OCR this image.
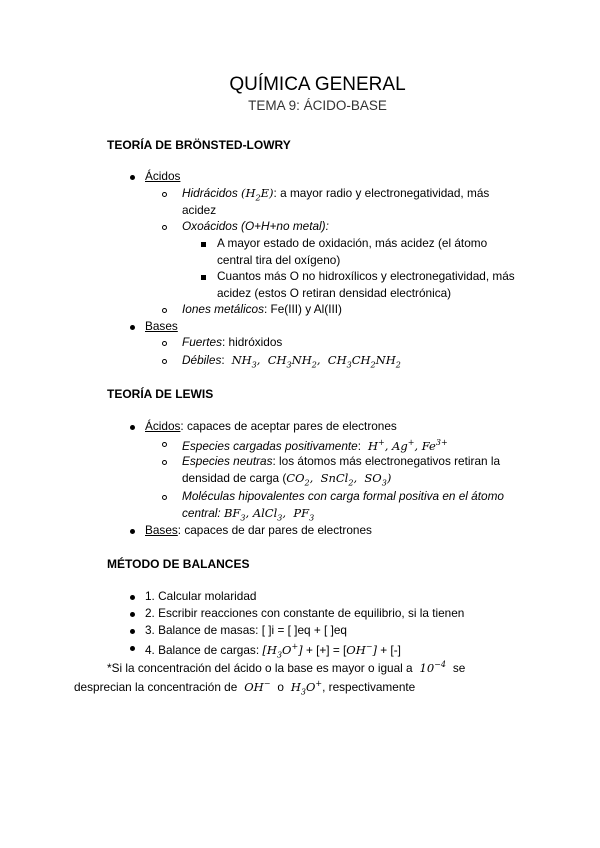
QUÍMICA GENERAL
TEMA 9: ÁCIDO-BASE
TEORÍA DE BRÖNSTED-LOWRY
Ácidos
Hidrácidos $(H_2E)$: a mayor radio y electronegatividad, más
acidez
Oxoácidos (O+H+no metal):
A mayor estado de oxidación, más acidez (el átomo
central tira del oxígeno)
Cuantos más O no hidroxílicos y electronegatividad, más
acidez (estos O retiran densidad electrónica)
Iones metálicos: Fe(III) y Al(III)
Bases
Fuertes: hidróxidos
Débiles: $NH_3$,  $CH_3NH_2$,  $CH_3CH_2NH_2$
TEORÍA DE LEWIS
Ácidos: capaces de aceptar pares de electrones
Especies cargadas positivamente:  H+, Ag+, $Fe^{3+}$
Especies neutras: los átomos más electronegativos retiran la
densidad de carga ($CO_2$,  SnCl$_2$,  $SO_3$)
Moléculas hipovalentes con carga formal positiva en el átomo
central: $BF_3$, AlCl$_3$,  $PF_3$
Bases: capaces de dar pares de electrones
MÉTODO DE BALANCES
1. Calcular molaridad
2. Escribir reacciones con constante de equilibrio, si la tienen
3. Balance de masas: [ ]i = [ ]eq + [ ]eq
4. Balance de cargas: $[H_3O^+]$ + [+] = [OH−] + [-]
*Si la concentración del ácido o la base es mayor o igual a  $10^{-4}$ se
desprecian la concentración de OH− o $H_3O^+$, respectivamente
